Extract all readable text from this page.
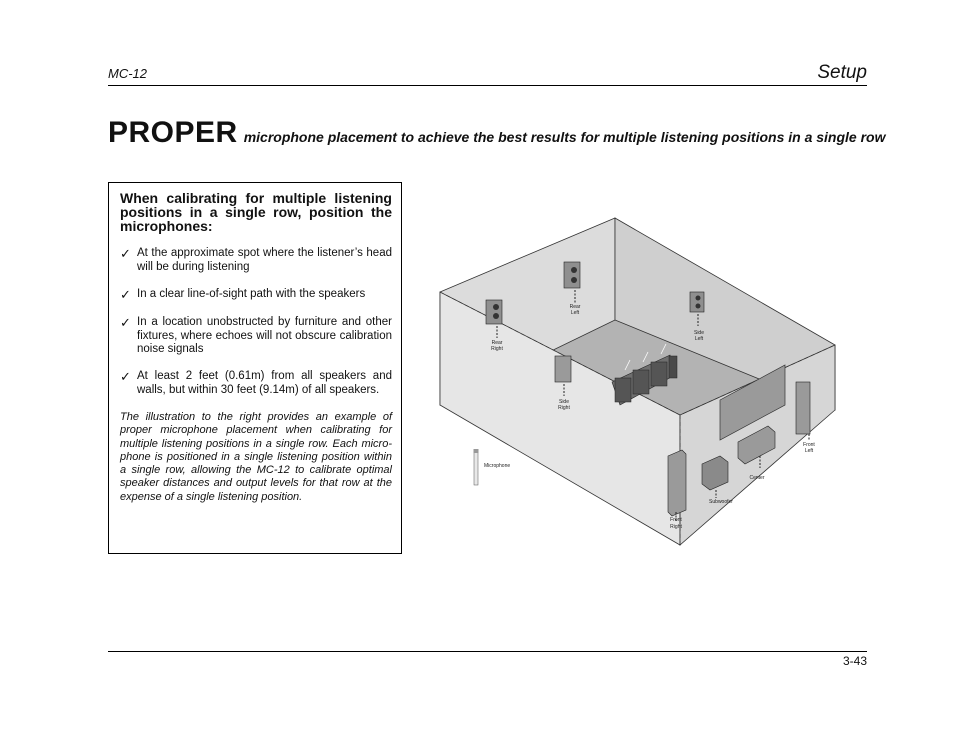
MC-12	Setup
PROPER microphone placement to achieve the best results for multiple listening positions in a single row
When calibrating for multiple listening positions in a single row, position the microphones:
✓ At the approximate spot where the listener’s head will be during listening
✓ In a clear line-of-sight path with the speakers
✓ In a location unobstructed by furniture and other fixtures, where echoes will not obscure calibration noise signals
✓ At least 2 feet (0.61m) from all speakers and walls, but within 30 feet (9.14m) of all speakers.
The illustration to the right provides an example of proper microphone placement when calibrating for multiple listening positions in a single row. Each micro-phone is positioned in a single listening position within a single row, allowing the MC-12 to calibrate optimal speaker distances and output levels for that row at the expense of a single listening position.
Rear
Left
Rear
Right
Side
Left
Side
Right
Front
Left
Center
Subwoofer
Front
Right
Microphone
3-43
